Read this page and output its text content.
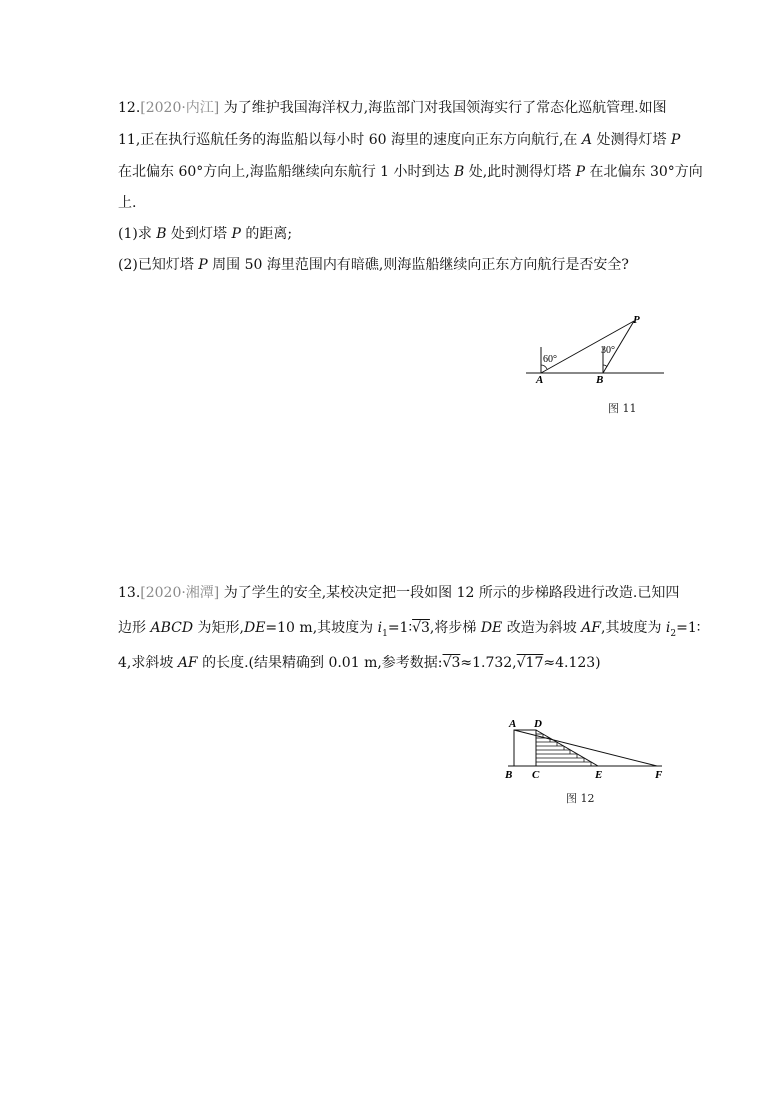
12.[2020·内江] 为了维护我国海洋权力,海监部门对我国领海实行了常态化巡航管理.如图
11,正在执行巡航任务的海监船以每小时 60 海里的速度向正东方向航行,在 A 处测得灯塔 P
在北偏东 60°方向上,海监船继续向东航行 1 小时到达 B 处,此时测得灯塔 P 在北偏东 30°方向
上.
(1)求 B 处到灯塔 P 的距离;
(2)已知灯塔 P 周围 50 海里范围内有暗礁,则海监船继续向正东方向航行是否安全?
60°
30°
P
A	B
图 11
13.[2020·湘潭] 为了学生的安全,某校决定把一段如图 12 所示的步梯路段进行改造.已知四
边形 ABCD 为矩形,DE=10 m,其坡度为 $i_1=1∶√3$,将步梯 DE 改造为斜坡 AF,其坡度为 $i_2=1∶$
4,求斜坡 AF 的长度.(结果精确到 0.01 m,参考数据:√3≈1.732,√17≈4.123)
A D
B C	E	F
图 12
